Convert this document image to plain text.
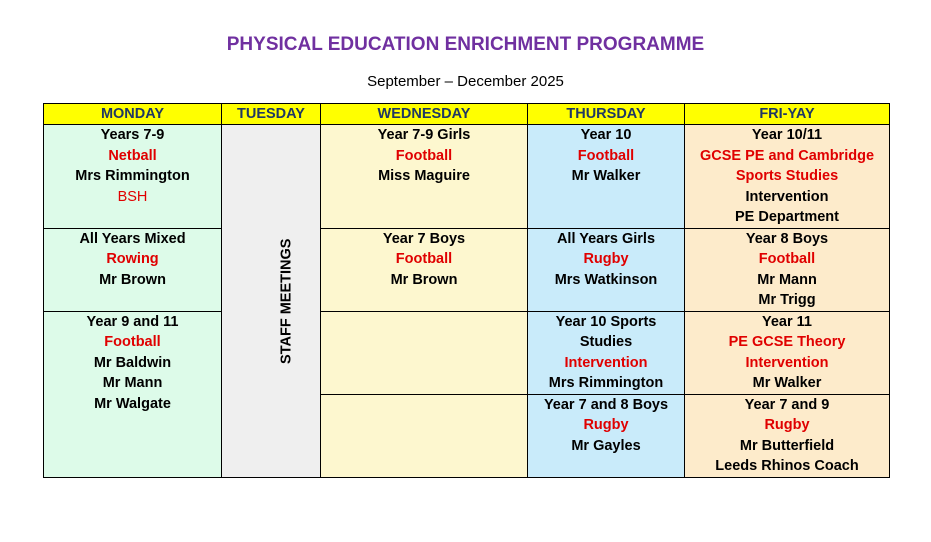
PHYSICAL EDUCATION ENRICHMENT PROGRAMME
September – December 2025
MONDAY	TUESDAY	WEDNESDAY	THURSDAY	FRI-YAY

Years 7-9
Netball
Mrs Rimmington
BSH	STAFF MEETINGS	Year 7-9 Girls
Football
Miss Maguire	Year 10
Football
Mr Walker	Year 10/11
GCSE PE and Cambridge
Sports Studies
Intervention
PE Department

All Years Mixed
Rowing
Mr Brown		Year 7 Boys
Football
Mr Brown	All Years Girls
Rugby
Mrs Watkinson	Year 8 Boys
Football
Mr Mann
Mr Trigg

Year 9 and 11
Football
Mr Baldwin
Mr Mann
Mr Walgate			Year 10 Sports
Studies
Intervention
Mrs Rimmington	Year 11
PE GCSE Theory
Intervention
Mr Walker

			Year 7 and 8 Boys
Rugby
Mr Gayles	Year 7 and 9
Rugby
Mr Butterfield
Leeds Rhinos Coach
